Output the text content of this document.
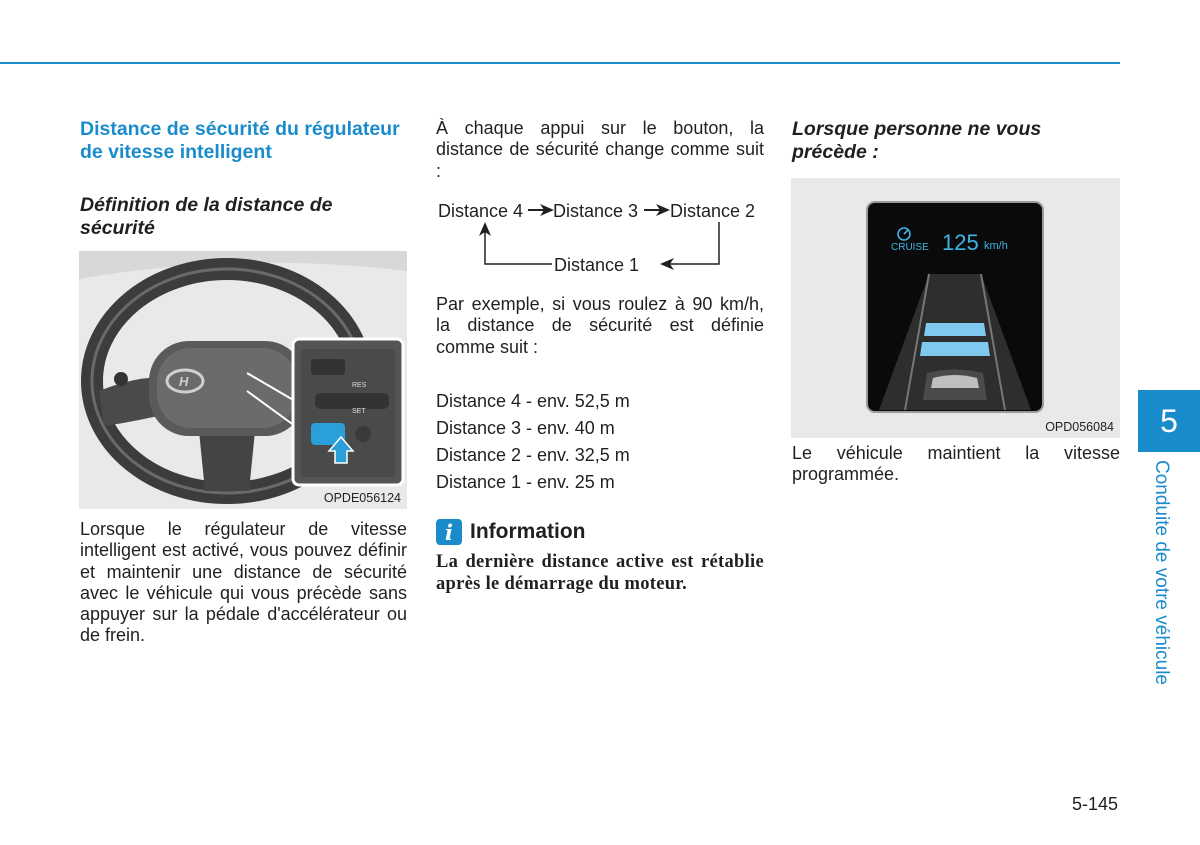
Distance de sécurité du régulateur de vitesse intelligent
Définition de la distance de sécurité
H	RES
SET
OPDE056124

Lorsque le régulateur de vitesse intelligent est activé, vous pouvez définir et maintenir une distance de sécurité avec le véhicule qui vous précède sans appuyer sur la pédale d'accélérateur ou de frein.

À chaque appui sur le bouton, la distance de sécurité change comme suit :

Distance 4 Distance 3 Distance 2
Distance 1

Par exemple, si vous roulez à 90 km/h, la distance de sécurité est définie comme suit :

Distance 4 - env. 52,5 m

Distance 3 - env. 40 m

Distance 2 - env. 32,5 m

Distance 1 - env. 25 m

i Information

La dernière distance active est rétablie après le démarrage du moteur.

Lorsque personne ne vous précède :
CRUISE 125 km/h
OPD056084

Le véhicule maintient la vitesse programmée.

5
Conduite de votre véhicule
5-145
